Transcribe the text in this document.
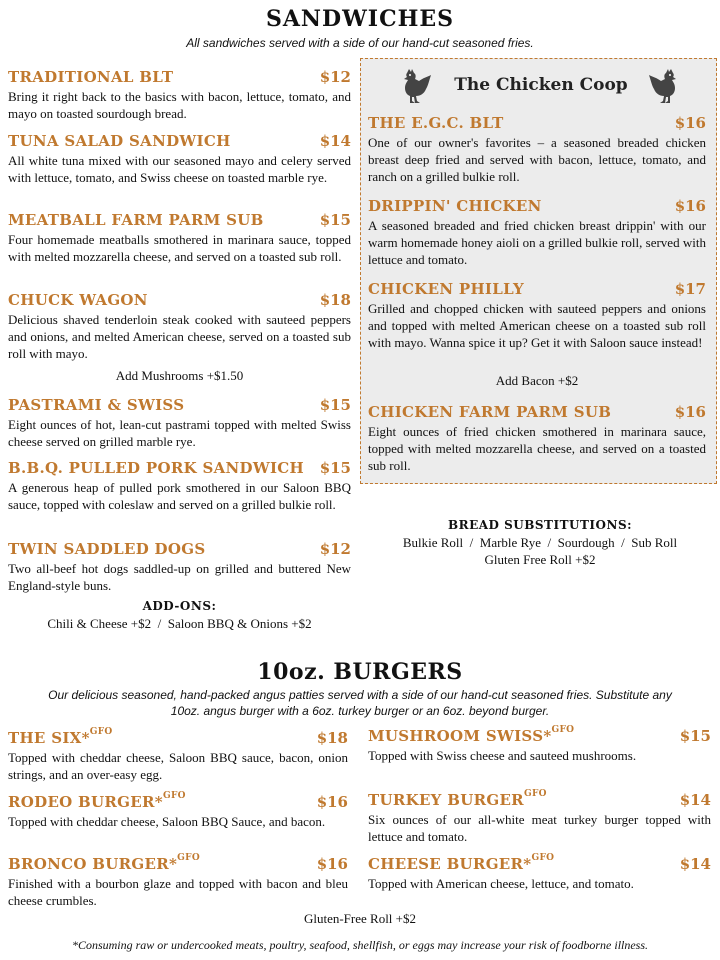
SANDWICHES
All sandwiches served with a side of our hand-cut seasoned fries.
TRADITIONAL BLT	$12
Bring it right back to the basics with bacon, lettuce, tomato, and mayo on toasted sourdough bread.
TUNA SALAD SANDWICH	$14
All white tuna mixed with our seasoned mayo and celery served with lettuce, tomato, and Swiss cheese on toasted marble rye.
MEATBALL FARM PARM SUB	$15
Four homemade meatballs smothered in marinara sauce, topped with melted mozzarella cheese, and served on a toasted sub roll.
CHUCK WAGON	$18
Delicious shaved tenderloin steak cooked with sauteed peppers and onions, and melted American cheese, served on a toasted sub roll with mayo.
Add Mushrooms +$1.50
PASTRAMI & SWISS	$15
Eight ounces of hot, lean-cut pastrami topped with melted Swiss cheese served on grilled marble rye.
B.B.Q. PULLED PORK SANDWICH $15
A generous heap of pulled pork smothered in our Saloon BBQ sauce, topped with coleslaw and served on a grilled bulkie roll.
TWIN SADDLED DOGS	$12
Two all-beef hot dogs saddled-up on grilled and buttered New England-style buns.
ADD-ONS:
Chili & Cheese +$2  /  Saloon BBQ & Onions +$2
The Chicken Coop
THE E.G.C. BLT	$16
One of our owner's favorites – a seasoned breaded chicken breast deep fried and served with bacon, lettuce, tomato, and ranch on a grilled bulkie roll.
DRIPPIN' CHICKEN	$16
A seasoned breaded and fried chicken breast drippin' with our warm homemade honey aioli on a grilled bulkie roll, served with lettuce and tomato.
CHICKEN PHILLY	$17
Grilled and chopped chicken with sauteed peppers and onions and topped with melted American cheese on a toasted sub roll with mayo. Wanna spice it up? Get it with Saloon sauce instead!
Add Bacon +$2
CHICKEN FARM PARM SUB	$16
Eight ounces of fried chicken smothered in marinara sauce, topped with melted mozzarella cheese, and served on a toasted sub roll.
BREAD SUBSTITUTIONS:
Bulkie Roll  /  Marble Rye  /  Sourdough  /  Sub Roll
Gluten Free Roll +$2
10oz. BURGERS
Our delicious seasoned, hand-packed angus patties served with a side of our hand-cut seasoned fries. Substitute any
10oz. angus burger with a 6oz. turkey burger or an 6oz. beyond burger.
THE SIX*$^{GFO}$	$18
Topped with cheddar cheese, Saloon BBQ sauce, bacon, onion strings, and an over-easy egg.
RODEO BURGER*$^{GFO}$	$16
Topped with cheddar cheese, Saloon BBQ Sauce, and bacon.
BRONCO BURGER*$^{GFO}$	$16
Finished with a bourbon glaze and topped with bacon and bleu cheese crumbles.
MUSHROOM SWISS*$^{GFO}$	$15
Topped with Swiss cheese and sauteed mushrooms.
TURKEY $BURGER^{GFO}$	$14
Six ounces of our all-white meat turkey burger topped with lettuce and tomato.
CHEESE BURGER*$^{GFO}$	$14
Topped with American cheese, lettuce, and tomato.
Gluten-Free Roll +$2
*Consuming raw or undercooked meats, poultry, seafood, shellfish, or eggs may increase your risk of foodborne illness.
